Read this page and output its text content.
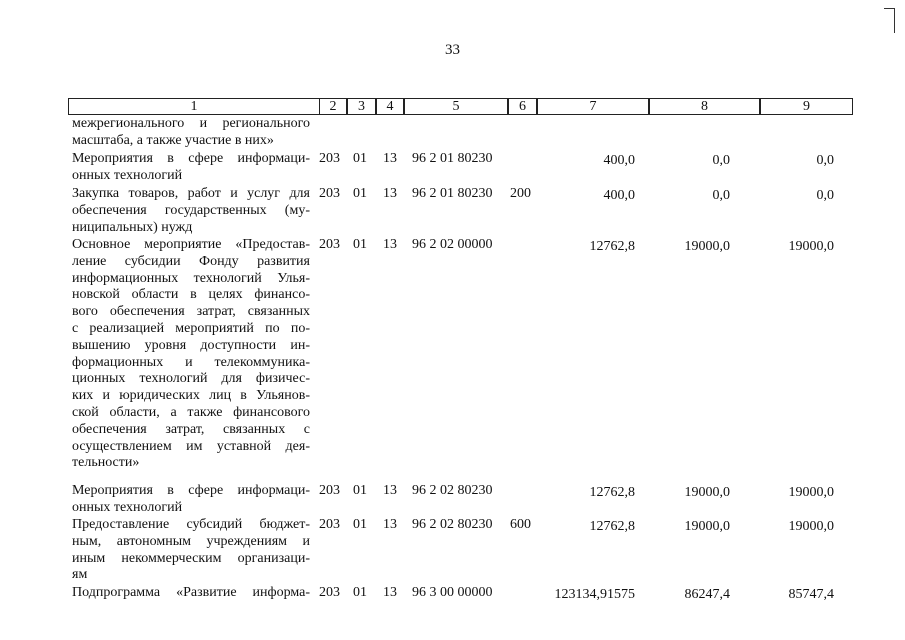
33
1	2	3	4	5	6	7	8	9
межрегионального и регионального
масштаба, а также участие в них»
Мероприятия в сфере информаци-
онных технологий
203 01 13 96 2 01 80230	400,0	0,0	0,0
Закупка товаров, работ и услуг для
обеспечения государственных (му-
ниципальных) нужд
203 01 13 96 2 01 80230 200	400,0	0,0	0,0
Основное мероприятие «Предостав-
ление субсидии Фонду развития
информационных технологий Улья-
новской области в целях финансо-
вого обеспечения затрат, связанных
с реализацией мероприятий по по-
вышению уровня доступности ин-
формационных и телекоммуника-
ционных технологий для физичес-
ких и юридических лиц в Ульянов-
ской области, а также финансового
обеспечения затрат, связанных с
осуществлением им уставной дея-
тельности»
203 01 13 96 2 02 00000	12762,8	19000,0	19000,0
Мероприятия в сфере информаци-
онных технологий
203 01 13 96 2 02 80230	12762,8	19000,0	19000,0
Предоставление субсидий бюджет-
ным, автономным учреждениям и
иным некоммерческим организаци-
ям
203 01 13 96 2 02 80230 600	12762,8	19000,0	19000,0
Подпрограмма «Развитие информа- 203 01 13 96 3 00 00000	123134,91575	86247,4	85747,4
